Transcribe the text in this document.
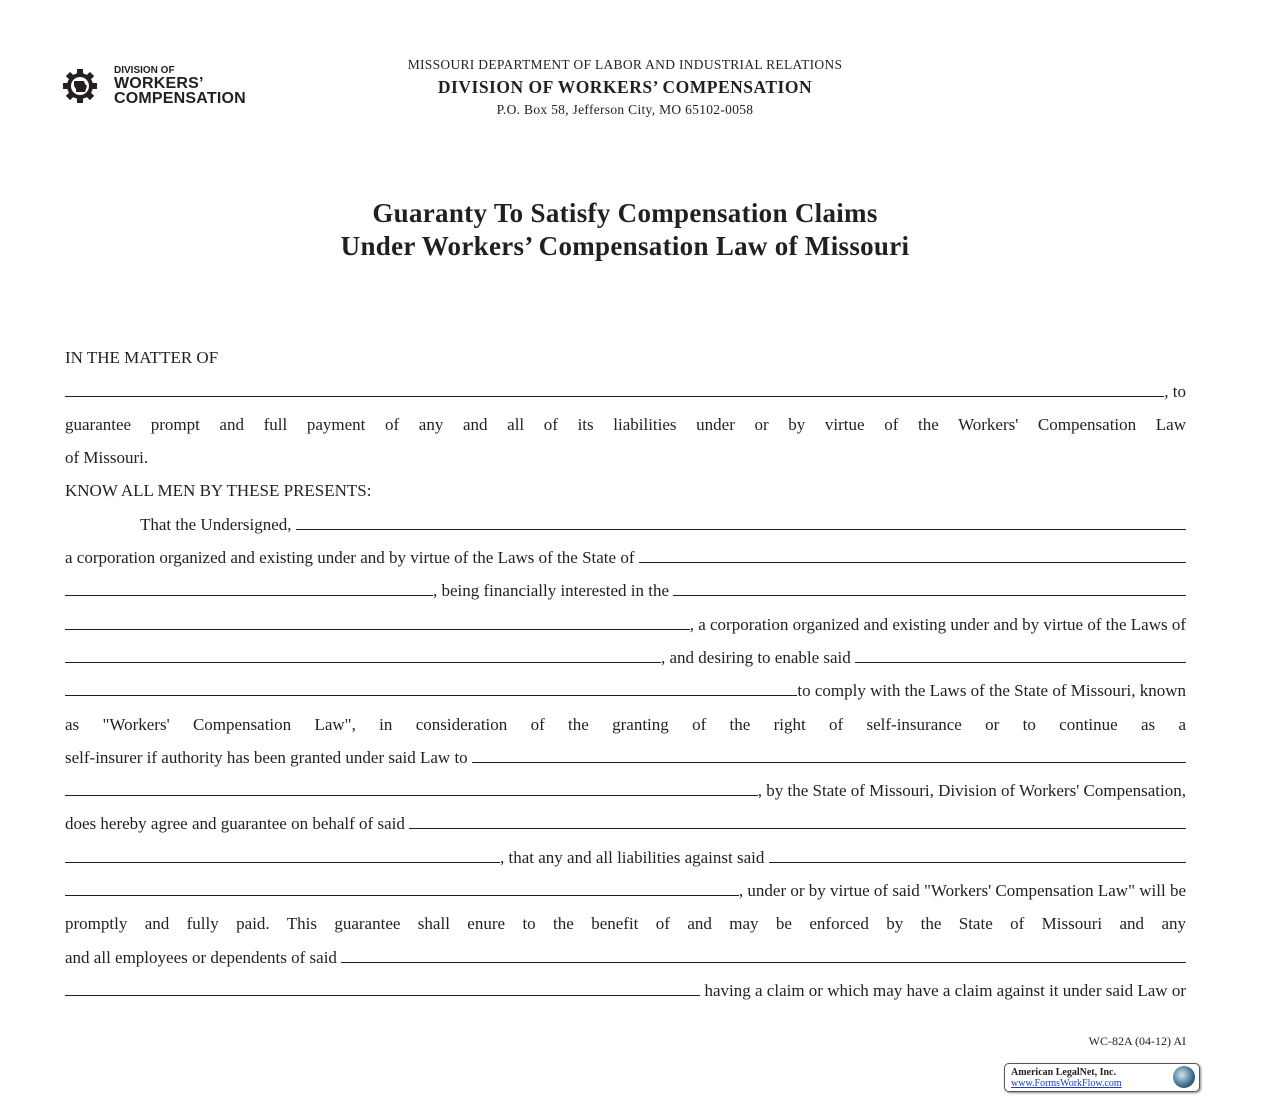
DIVISION OF
WORKERS’
COMPENSATION
MISSOURI DEPARTMENT OF LABOR AND INDUSTRIAL RELATIONS
DIVISION OF WORKERS’ COMPENSATION
P.O. Box 58, Jefferson City, MO 65102-0058
Guaranty To Satisfy Compensation Claims
Under Workers’ Compensation Law of Missouri
IN THE MATTER OF
, to
guarantee prompt and full payment of any and all of its liabilities under or by virtue of the Workers' Compensation Law
of Missouri.
KNOW ALL MEN BY THESE PRESENTS:
That the Undersigned,
a corporation organized and existing under and by virtue of the Laws of the State of
, being financially interested in the
, a corporation organized and existing under and by virtue of the Laws of
, and desiring to enable said
to comply with the Laws of the State of Missouri, known
as "Workers' Compensation Law", in consideration of the granting of the right of self-insurance or to continue as a
self-insurer if authority has been granted under said Law to
, by the State of Missouri, Division of Workers' Compensation,
does hereby agree and guarantee on behalf of said
, that any and all liabilities against said
, under or by virtue of said "Workers' Compensation Law" will be
promptly and fully paid. This guarantee shall enure to the benefit of and may be enforced by the State of Missouri and any
and all employees or dependents of said
having a claim or which may have a claim against it under said Law or
WC-82A (04-12) AI
American LegalNet, Inc.
www.FormsWorkFlow.com
